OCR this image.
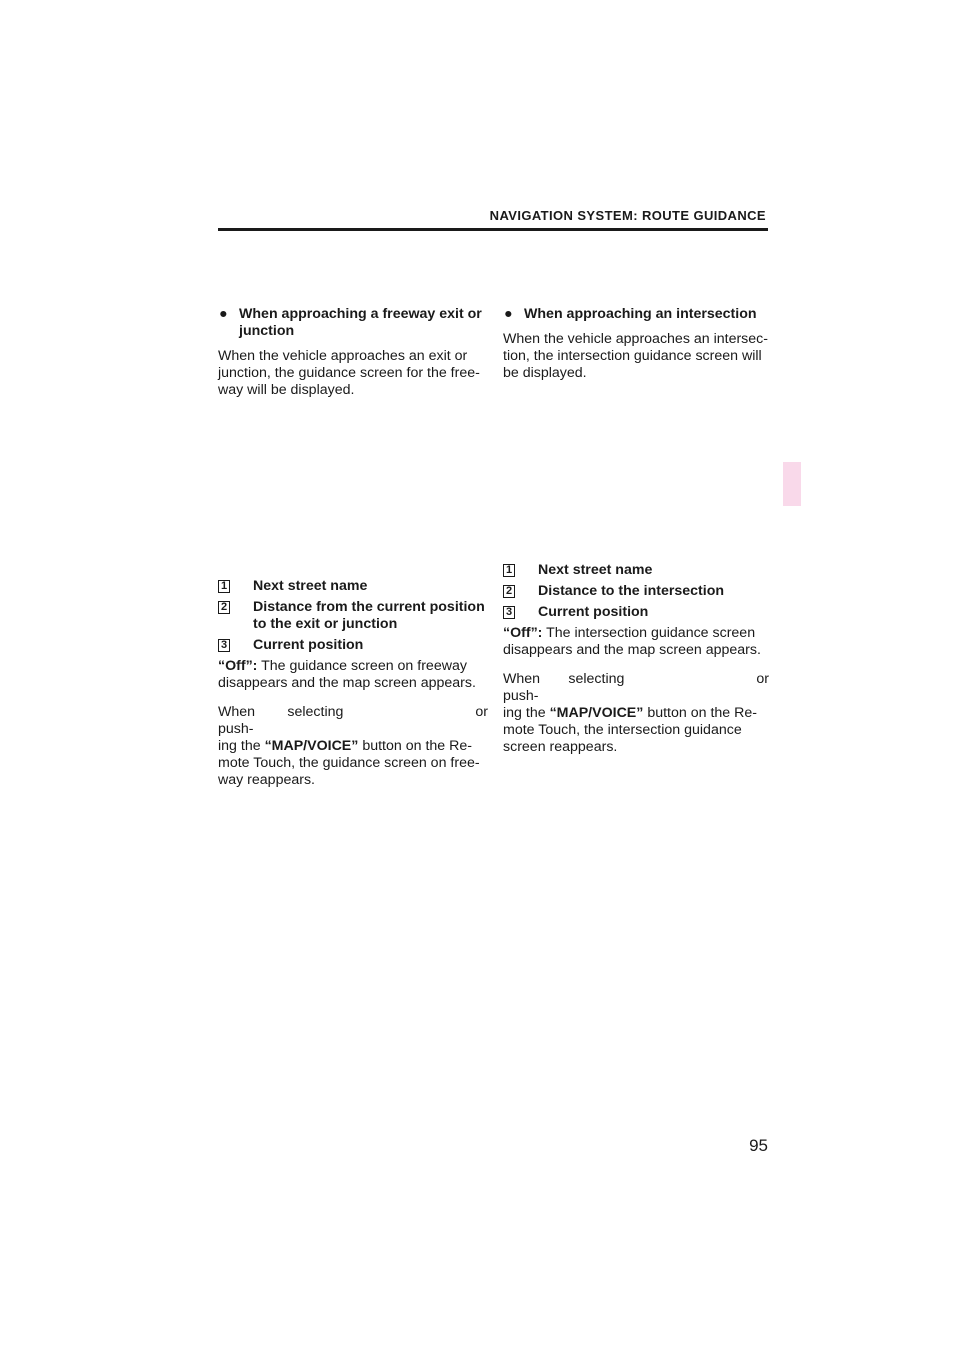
NAVIGATION SYSTEM: ROUTE GUIDANCE
● When approaching a freeway exit or
junction
When the vehicle approaches an exit or
junction, the guidance screen for the free-
way will be displayed.
1 Next street name
2 Distance from the current position
to the exit or junction
3 Current position
“Off”: The guidance screen on freeway
disappears and the map screen appears.
When selecting	or push-
ing the “MAP/VOICE” button on the Re-
mote Touch, the guidance screen on free-
way reappears.
● When approaching an intersection
When the vehicle approaches an intersec-
tion, the intersection guidance screen will
be displayed.
1 Next street name
2 Distance to the intersection
3 Current position
“Off”: The intersection guidance screen
disappears and the map screen appears.
When selecting	or push-
ing the “MAP/VOICE” button on the Re-
mote Touch, the intersection guidance
screen reappears.
95
